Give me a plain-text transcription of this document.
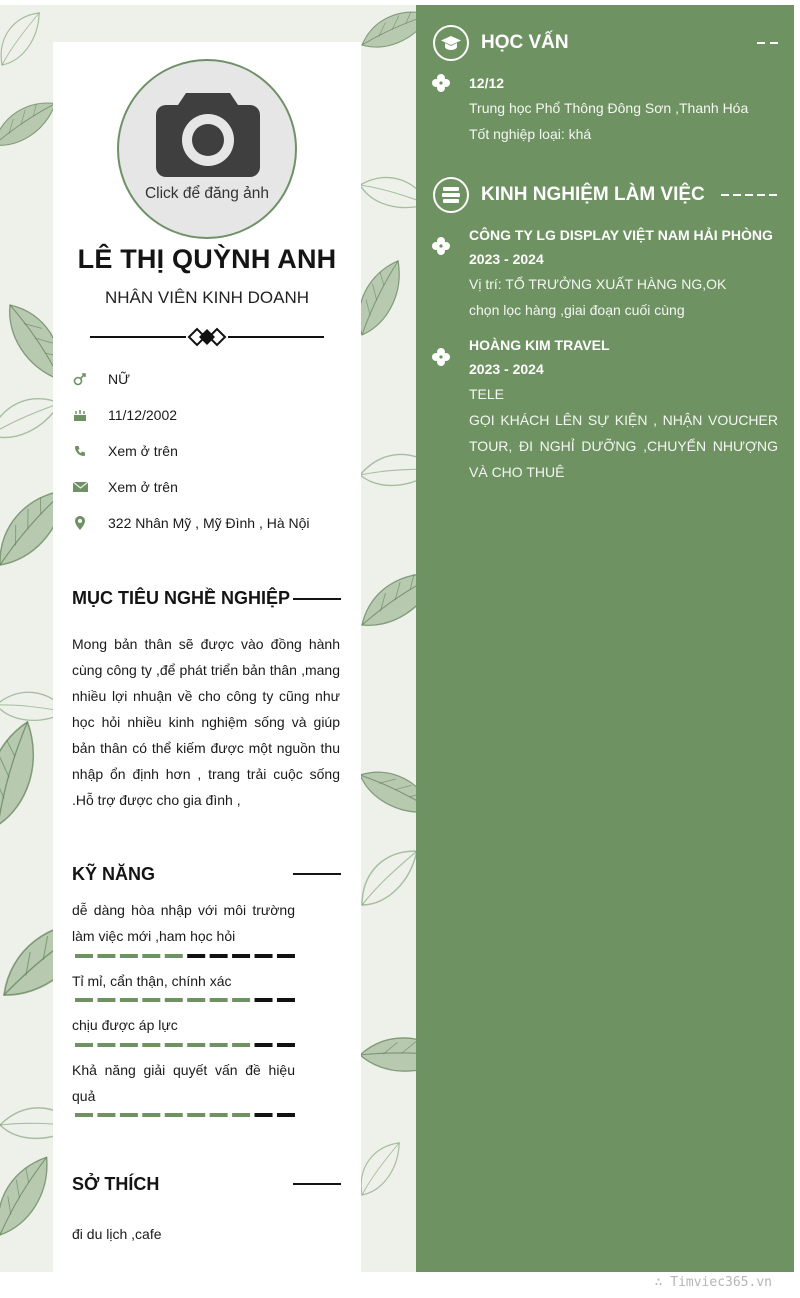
Click để đăng ảnh
LÊ THỊ QUỲNH ANH
NHÂN VIÊN KINH DOANH
NỮ
11/12/2002
Xem ở trên
Xem ở trên
322 Nhân Mỹ , Mỹ Đình , Hà Nội
MỤC TIÊU NGHỀ NGHIỆP
Mong bản thân sẽ được vào đồng hành cùng công ty ,để phát triển bản thân ,mang nhiều lợi nhuận về cho công ty cũng như học hỏi nhiều kinh nghiệm sống và giúp bản thân có thể kiếm được một nguồn thu nhập ổn định hơn , trang trải cuộc sống .Hỗ trợ được cho gia đình ,
KỸ NĂNG
dễ dàng hòa nhập với môi trường làm việc mới ,ham học hỏi
Tỉ mỉ, cẩn thận, chính xác
chịu được áp lực
Khả năng giải quyết vấn đề hiệu quả
SỞ THÍCH
đi du lịch ,cafe
HỌC VẤN
12/12
Trung học Phổ Thông Đông Sơn ,Thanh Hóa
Tốt nghiệp loại: khá
KINH NGHIỆM LÀM VIỆC
CÔNG TY LG DISPLAY VIỆT NAM HẢI PHÒNG
2023 - 2024
Vị trí: TỔ TRƯỞNG XUẤT HÀNG NG,OK
chọn lọc hàng ,giai đoạn cuối cùng
HOÀNG KIM TRAVEL
2023 - 2024
TELE
GỌI KHÁCH LÊN SỰ KIỆN , NHẬN VOUCHER TOUR, ĐI NGHỈ DƯỠNG ,CHUYỂN NHƯỢNG VÀ CHO THUÊ
∴ Timviec365.vn
